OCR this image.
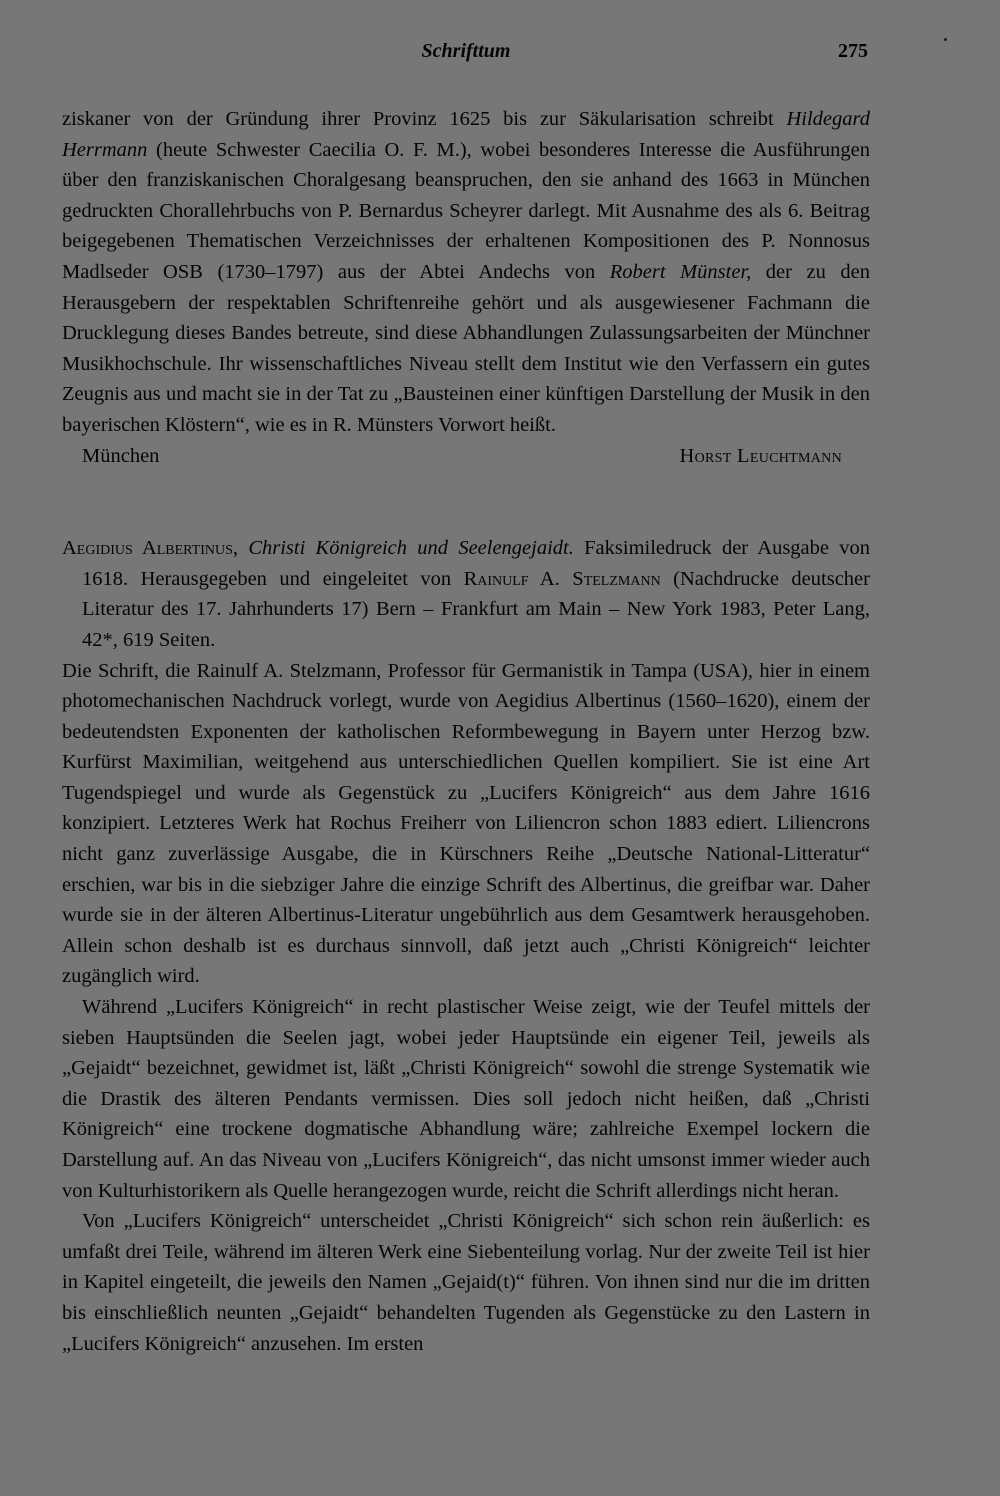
Schrifttum	275

ziskaner von der Gründung ihrer Provinz 1625 bis zur Säkularisation schreibt Hildegard Herrmann (heute Schwester Caecilia O. F. M.), wobei besonderes Interesse die Ausführungen über den franziskanischen Choralgesang beanspruchen, den sie anhand des 1663 in München gedruckten Chorallehrbuchs von P. Bernardus Scheyrer darlegt. Mit Ausnahme des als 6. Beitrag beigegebenen Thematischen Verzeichnisses der erhaltenen Kompositionen des P. Nonnosus Madlseder OSB (1730–1797) aus der Abtei Andechs von Robert Münster, der zu den Herausgebern der respektablen Schriftenreihe gehört und als ausgewiesener Fachmann die Drucklegung dieses Bandes betreute, sind diese Abhandlungen Zulassungsarbeiten der Münchner Musikhochschule. Ihr wissenschaftliches Niveau stellt dem Institut wie den Verfassern ein gutes Zeugnis aus und macht sie in der Tat zu „Bausteinen einer künftigen Darstellung der Musik in den bayerischen Klöstern“, wie es in R. Münsters Vorwort heißt.

München	Horst Leuchtmann

Aegidius Albertinus, Christi Königreich und Seelengejaidt. Faksimiledruck der Ausgabe von 1618. Herausgegeben und eingeleitet von Rainulf A. Stelzmann (Nachdrucke deutscher Literatur des 17. Jahrhunderts 17) Bern – Frankfurt am Main – New York 1983, Peter Lang, 42*, 619 Seiten.

Die Schrift, die Rainulf A. Stelzmann, Professor für Germanistik in Tampa (USA), hier in einem photomechanischen Nachdruck vorlegt, wurde von Aegidius Albertinus (1560–1620), einem der bedeutendsten Exponenten der katholischen Reformbewegung in Bayern unter Herzog bzw. Kurfürst Maximilian, weitgehend aus unterschiedlichen Quellen kompiliert. Sie ist eine Art Tugendspiegel und wurde als Gegenstück zu „Lucifers Königreich“ aus dem Jahre 1616 konzipiert. Letzteres Werk hat Rochus Freiherr von Liliencron schon 1883 ediert. Liliencrons nicht ganz zuverlässige Ausgabe, die in Kürschners Reihe „Deutsche National-Litteratur“ erschien, war bis in die siebziger Jahre die einzige Schrift des Albertinus, die greifbar war. Daher wurde sie in der älteren Albertinus-Literatur ungebührlich aus dem Gesamtwerk herausgehoben. Allein schon deshalb ist es durchaus sinnvoll, daß jetzt auch „Christi Königreich“ leichter zugänglich wird.

Während „Lucifers Königreich“ in recht plastischer Weise zeigt, wie der Teufel mittels der sieben Hauptsünden die Seelen jagt, wobei jeder Hauptsünde ein eigener Teil, jeweils als „Gejaidt“ bezeichnet, gewidmet ist, läßt „Christi Königreich“ sowohl die strenge Systematik wie die Drastik des älteren Pendants vermissen. Dies soll jedoch nicht heißen, daß „Christi Königreich“ eine trockene dogmatische Abhandlung wäre; zahlreiche Exempel lockern die Darstellung auf. An das Niveau von „Lucifers Königreich“, das nicht umsonst immer wieder auch von Kulturhistorikern als Quelle herangezogen wurde, reicht die Schrift allerdings nicht heran.

Von „Lucifers Königreich“ unterscheidet „Christi Königreich“ sich schon rein äußerlich: es umfaßt drei Teile, während im älteren Werk eine Siebenteilung vorlag. Nur der zweite Teil ist hier in Kapitel eingeteilt, die jeweils den Namen „Gejaid(t)“ führen. Von ihnen sind nur die im dritten bis einschließlich neunten „Gejaidt“ behandelten Tugenden als Gegenstücke zu den Lastern in „Lucifers Königreich“ anzusehen. Im ersten
